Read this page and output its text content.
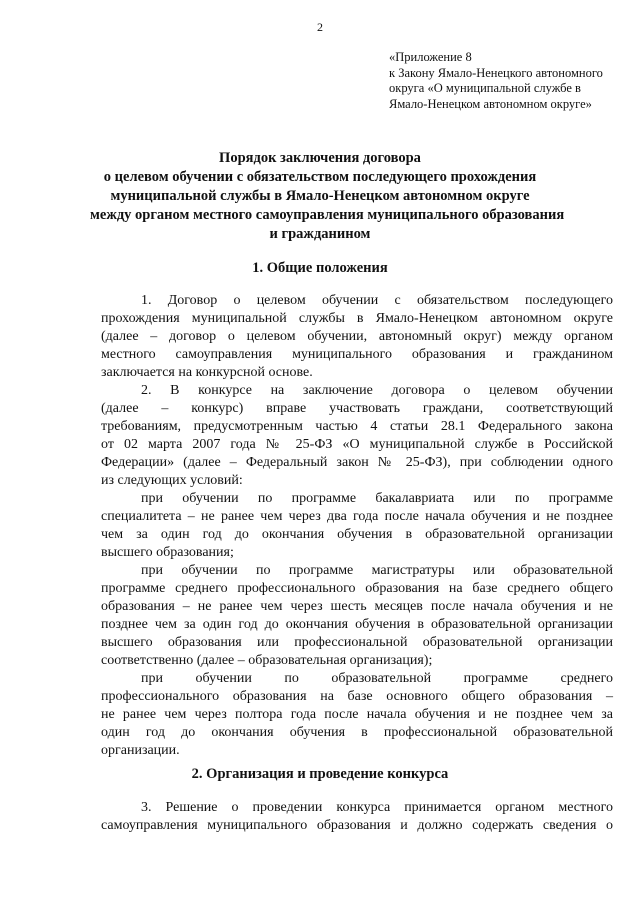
2
«Приложение 8
к Закону Ямало-Ненецкого автономного
округа «О муниципальной службе в
Ямало-Ненецком автономном округе»
Порядок заключения договора
о целевом обучении с обязательством последующего прохождения
муниципальной службы в Ямало-Ненецком автономном округе
между органом местного самоуправления муниципального образования
и гражданином
1. Общие положения
1. Договор о целевом обучении с обязательством последующего
прохождения муниципальной службы в Ямало-Ненецком автономном округе
(далее – договор о целевом обучении, автономный округ) между органом
местного самоуправления муниципального образования и гражданином
заключается на конкурсной основе.
2. В конкурсе на заключение договора о целевом обучении
(далее – конкурс) вправе участвовать граждани, соответствующий
требованиям, предусмотренным частью 4 статьи 28.1 Федерального закона
от 02 марта 2007 года № 25-ФЗ «О муниципальной службе в Российской
Федерации» (далее – Федеральный закон № 25-ФЗ), при соблюдении одного
из следующих условий:
при обучении по программе бакалавриата или по программе
специалитета – не ранее чем через два года после начала обучения и не позднее
чем за один год до окончания обучения в образовательной организации
высшего образования;
при обучении по программе магистратуры или образовательной
программе среднего профессионального образования на базе среднего общего
образования – не ранее чем через шесть месяцев после начала обучения и не
позднее чем за один год до окончания обучения в образовательной организации
высшего образования или профессиональной образовательной организации
соответственно (далее – образовательная организация);
при обучении по образовательной программе среднего
профессионального образования на базе основного общего образования –
не ранее чем через полтора года после начала обучения и не позднее чем за
один год до окончания обучения в профессиональной образовательной
организации.
2. Организация и проведение конкурса
3. Решение о проведении конкурса принимается органом местного
самоуправления муниципального образования и должно содержать сведения о
